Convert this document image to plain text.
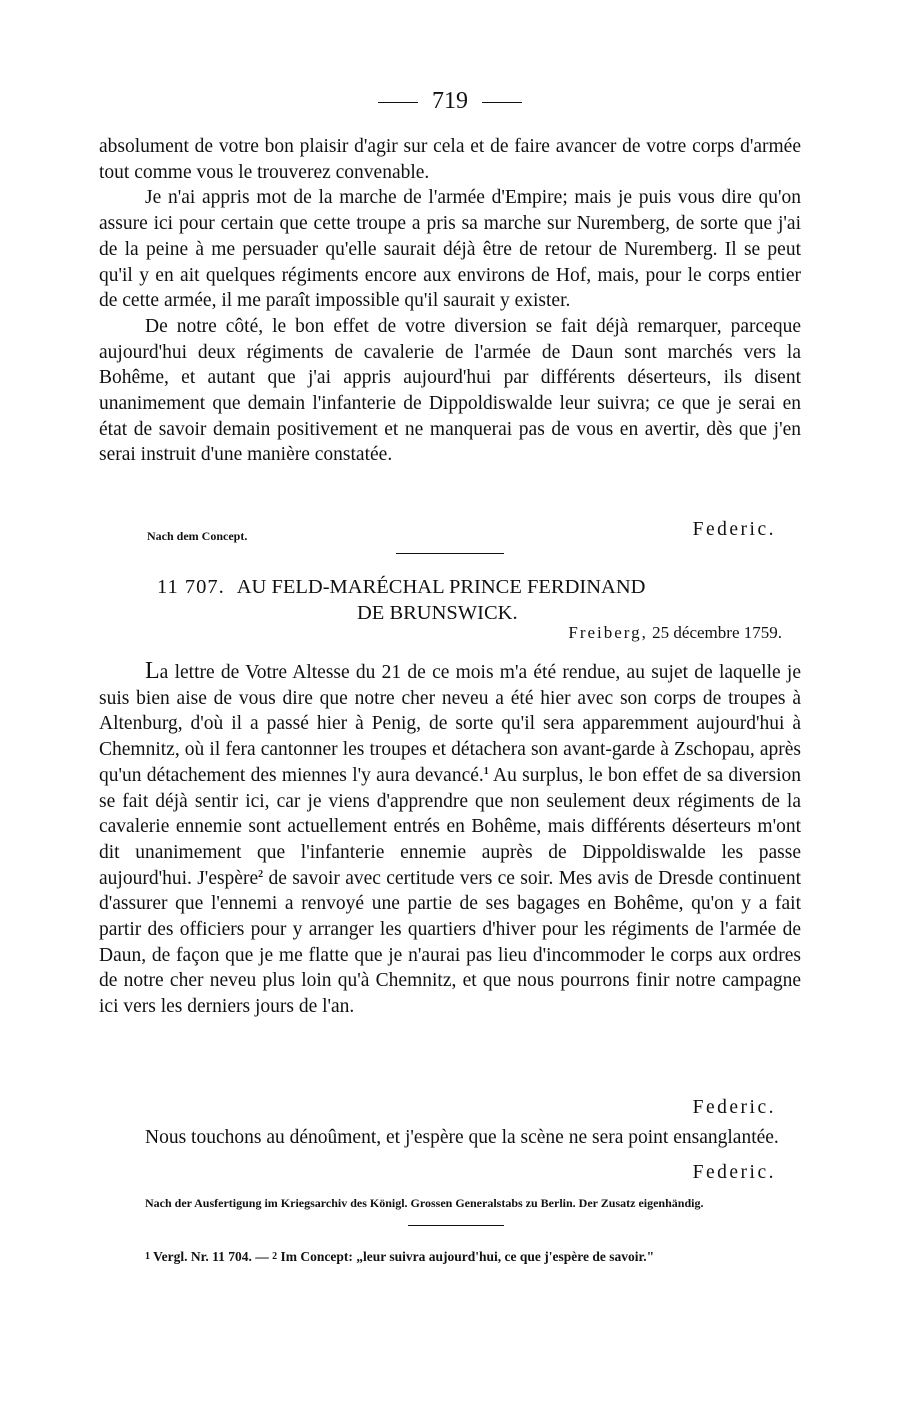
719

absolument de votre bon plaisir d'agir sur cela et de faire avancer de votre corps d'armée tout comme vous le trouverez convenable.

Je n'ai appris mot de la marche de l'armée d'Empire; mais je puis vous dire qu'on assure ici pour certain que cette troupe a pris sa marche sur Nuremberg, de sorte que j'ai de la peine à me persuader qu'elle saurait déjà être de retour de Nuremberg. Il se peut qu'il y en ait quelques régiments encore aux environs de Hof, mais, pour le corps entier de cette armée, il me paraît impossible qu'il saurait y exister.

De notre côté, le bon effet de votre diversion se fait déjà remarquer, parceque aujourd'hui deux régiments de cavalerie de l'armée de Daun sont marchés vers la Bohême, et autant que j'ai appris aujourd'hui par différents déserteurs, ils disent unanimement que demain l'infanterie de Dippoldiswalde leur suivra; ce que je serai en état de savoir demain positivement et ne manquerai pas de vous en avertir, dès que j'en serai instruit d'une manière constatée.

Nach dem Concept.	Federic.
11 707. AU FELD-MARÉCHAL PRINCE FERDINAND
DE BRUNSWICK.
Freiberg, 25 décembre 1759.

La lettre de Votre Altesse du 21 de ce mois m'a été rendue, au sujet de laquelle je suis bien aise de vous dire que notre cher neveu a été hier avec son corps de troupes à Altenburg, d'où il a passé hier à Penig, de sorte qu'il sera apparemment aujourd'hui à Chemnitz, où il fera cantonner les troupes et détachera son avant-garde à Zschopau, après qu'un détachement des miennes l'y aura devancé.$^1$ Au surplus, le bon effet de sa diversion se fait déjà sentir ici, car je viens d'apprendre que non seulement deux régiments de la cavalerie ennemie sont actuellement entrés en Bohême, mais différents déserteurs m'ont dit unanimement que l'infanterie ennemie auprès de Dippoldiswalde les passe aujourd'hui. J'espère$^2$ de savoir avec certitude vers ce soir. Mes avis de Dresde continuent d'assurer que l'ennemi a renvoyé une partie de ses bagages en Bohême, qu'on y a fait partir des officiers pour y arranger les quartiers d'hiver pour les régiments de l'armée de Daun, de façon que je me flatte que je n'aurai pas lieu d'incommoder le corps aux ordres de notre cher neveu plus loin qu'à Chemnitz, et que nous pourrons finir notre campagne ici vers les derniers jours de l'an.

Federic.

Nous touchons au dénoûment, et j'espère que la scène ne sera point ensanglantée.

Federic.
Nach der Ausfertigung im Kriegsarchiv des Königl. Grossen Generalstabs zu Berlin. Der Zusatz eigenhändig.
1 Vergl. Nr. 11 704. — 2 Im Concept: „leur suivra aujourd'hui, ce que j'espère de savoir."
